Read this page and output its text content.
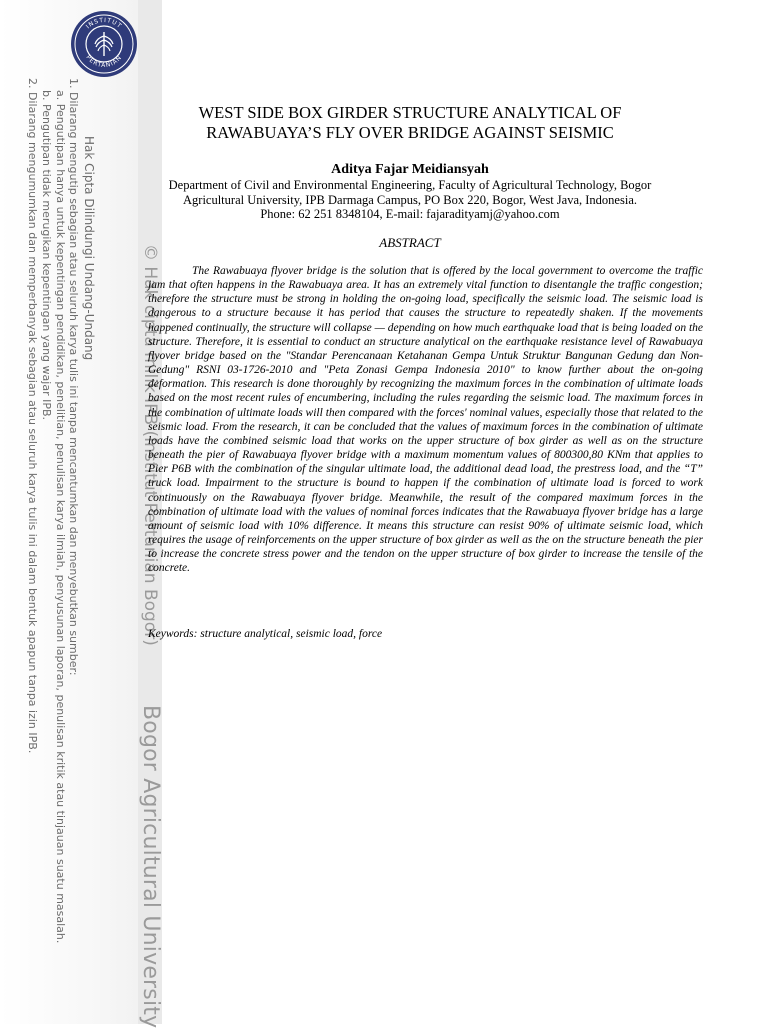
INSTITUT
PERTANIAN
Hak Cipta Dilindungi Undang-Undang
1. Dilarang mengutip sebagian atau seluruh karya tulis ini tanpa mencantumkan dan menyebutkan sumber:
a. Pengutipan hanya untuk kepentingan pendidikan, penelitian, penulisan karya ilmiah, penyusunan laporan, penulisan kritik atau tinjauan suatu masalah.
b. Pengutipan tidak merugikan kepentingan yang wajar IPB.
2. Dilarang mengumumkan dan memperbanyak sebagian atau seluruh karya tulis ini dalam bentuk apapun tanpa izin IPB.	© Hak cipta milik IPB (Institut Pertanian Bogor)
Bogor Agricultural University
WEST SIDE BOX GIRDER STRUCTURE ANALYTICAL OF
RAWABUAYA’S FLY OVER BRIDGE AGAINST SEISMIC
Aditya Fajar Meidiansyah
Department of Civil and Environmental Engineering, Faculty of Agricultural Technology, Bogor
Agricultural University, IPB Darmaga Campus, PO Box 220, Bogor, West Java, Indonesia.
Phone: 62 251 8348104, E-mail: fajaradityamj@yahoo.com
ABSTRACT

The Rawabuaya flyover bridge is the solution that is offered by the local government to overcome the traffic jam that often happens in the Rawabuaya area. It has an extremely vital function to disentangle the traffic congestion; therefore the structure must be strong in holding the on-going load, specifically the seismic load. The seismic load is dangerous to a structure because it has period that causes the structure to repeatedly shaken. If the movements happened continually, the structure will collapse — depending on how much earthquake load that is being loaded on the structure. Therefore, it is essential to conduct an structure analytical on the earthquake resistance level of Rawabuaya flyover bridge based on the "Standar Perencanaan Ketahanan Gempa Untuk Struktur Bangunan Gedung dan Non-Gedung" RSNI 03-1726-2010 and "Peta Zonasi Gempa Indonesia 2010" to know further about the on-going deformation. This research is done thoroughly by recognizing the maximum forces in the combination of ultimate loads based on the most recent rules of encumbering, including the rules regarding the seismic load. The maximum forces in the combination of ultimate loads will then compared with the forces' nominal values, especially those that related to the seismic load. From the research, it can be concluded that the values of maximum forces in the combination of ultimate loads have the combined seismic load that works on the upper structure of box girder as well as on the structure beneath the pier of Rawabuaya flyover bridge with a maximum momentum values of 800300,80 KNm that applies to Pier P6B with the combination of the singular ultimate load, the additional dead load, the prestress load, and the “T” truck load. Impairment to the structure is bound to happen if the combination of ultimate load is forced to work continuously on the Rawabuaya flyover bridge. Meanwhile, the result of the compared maximum forces in the combination of ultimate load with the values of nominal forces indicates that the Rawabuaya flyover bridge has a large amount of seismic load with 10% difference. It means this structure can resist 90% of ultimate seismic load, which requires the usage of reinforcements on the upper structure of box girder as well as the on the structure beneath the pier to increase the concrete stress power and the tendon on the upper structure of box girder to increase the tensile of the concrete.

Keywords: structure analytical, seismic load, force
